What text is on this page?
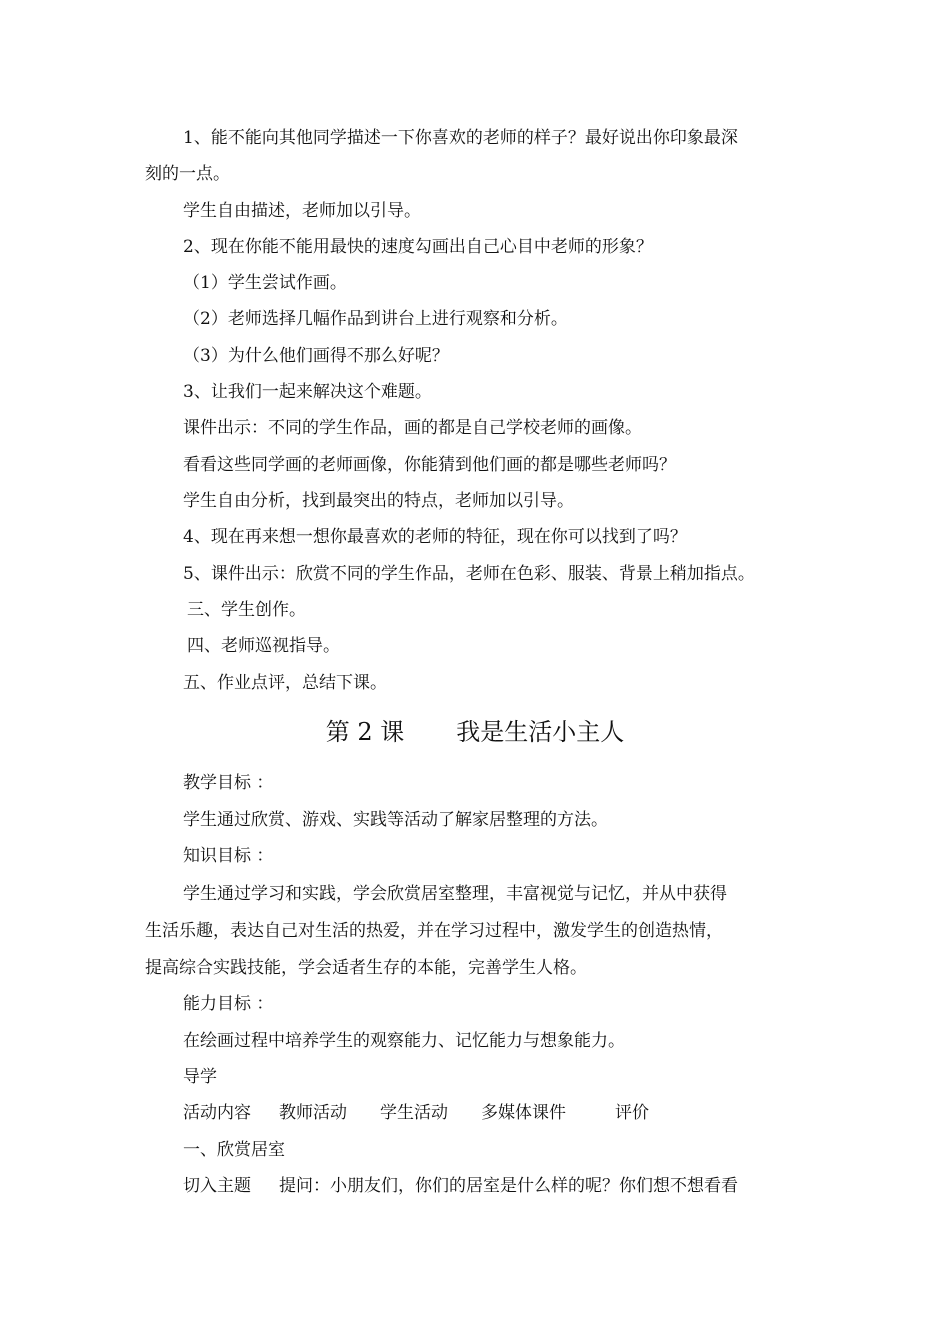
1、能不能向其他同学描述一下你喜欢的老师的样子？最好说出你印象最深
刻的一点。
学生自由描述，老师加以引导。
2、现在你能不能用最快的速度勾画出自己心目中老师的形象？
（1）学生尝试作画。
（2）老师选择几幅作品到讲台上进行观察和分析。
（3）为什么他们画得不那么好呢？
3、让我们一起来解决这个难题。
课件出示：不同的学生作品，画的都是自己学校老师的画像。
看看这些同学画的老师画像，你能猜到他们画的都是哪些老师吗？
学生自由分析，找到最突出的特点，老师加以引导。
4、现在再来想一想你最喜欢的老师的特征，现在你可以找到了吗？
5、课件出示：欣赏不同的学生作品，老师在色彩、服装、背景上稍加指点。
三、学生创作。
四、老师巡视指导。
五、作业点评，总结下课。
第 2 课 我是生活小主人
教学目标 ：
学生通过欣赏、游戏、实践等活动了解家居整理的方法。
知识目标 ：
学生通过学习和实践，学会欣赏居室整理，丰富视觉与记忆，并从中获得
生活乐趣，表达自己对生活的热爱，并在学习过程中，激发学生的创造热情，
提高综合实践技能，学会适者生存的本能，完善学生人格。
能力目标 ：
在绘画过程中培养学生的观察能力、记忆能力与想象能力。
导学
活动内容 教师活动 学生活动 多媒体课件	评价
一、欣赏居室
切入主题 提问：小朋友们，你们的居室是什么样的呢？你们想不想看看
